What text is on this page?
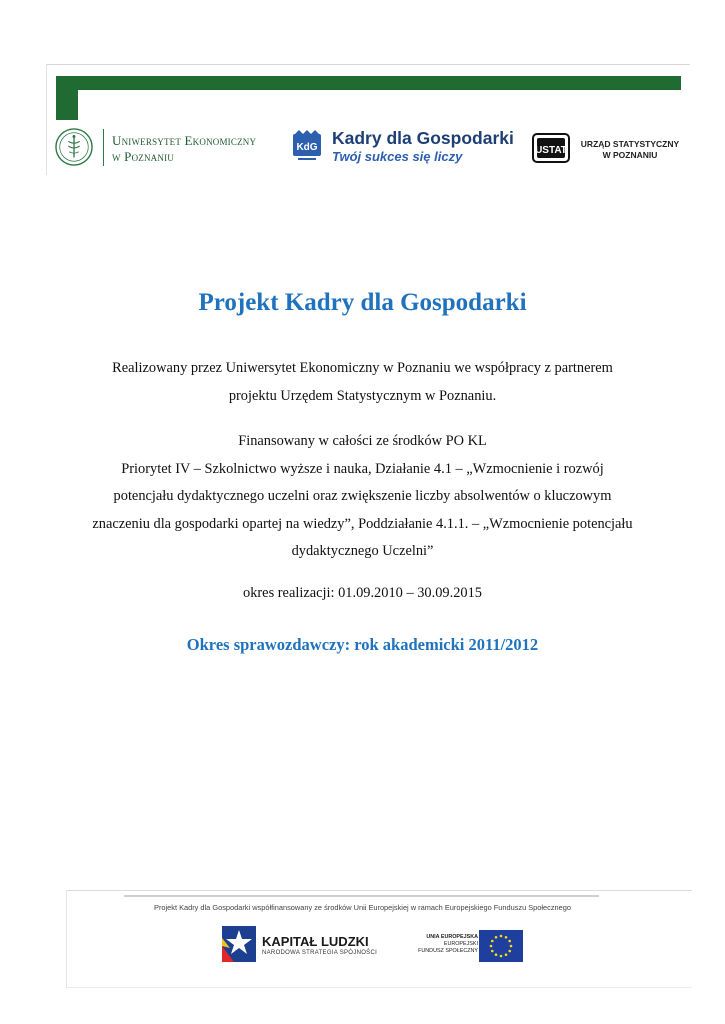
Uniwersytet Ekonomiczny
w Poznaniu
KdG Kadry dla Gospodarki
Twój sukces się liczy	USTAT
URZĄD STATYSTYCZNY
W POZNANIU
Projekt Kadry dla Gospodarki
Realizowany przez Uniwersytet Ekonomiczny w Poznaniu we współpracy z partnerem
projektu Urzędem Statystycznym w Poznaniu.
Finansowany w całości ze środków PO KL
Priorytet IV – Szkolnictwo wyższe i nauka, Działanie 4.1 – „Wzmocnienie i rozwój
potencjału dydaktycznego uczelni oraz zwiększenie liczby absolwentów o kluczowym
znaczeniu dla gospodarki opartej na wiedzy”, Poddziałanie 4.1.1. – „Wzmocnienie potencjału
dydaktycznego Uczelni”
okres realizacji: 01.09.2010 – 30.09.2015
Okres sprawozdawczy: rok akademicki 2011/2012
Projekt Kadry dla Gospodarki współfinansowany ze środków Unii Europejskiej w ramach Europejskiego Funduszu Społecznego
KAPITAŁ LUDZKI
NARODOWA STRATEGIA SPÓJNOŚCI
UNIA EUROPEJSKA
EUROPEJSKI
FUNDUSZ SPOŁECZNY
